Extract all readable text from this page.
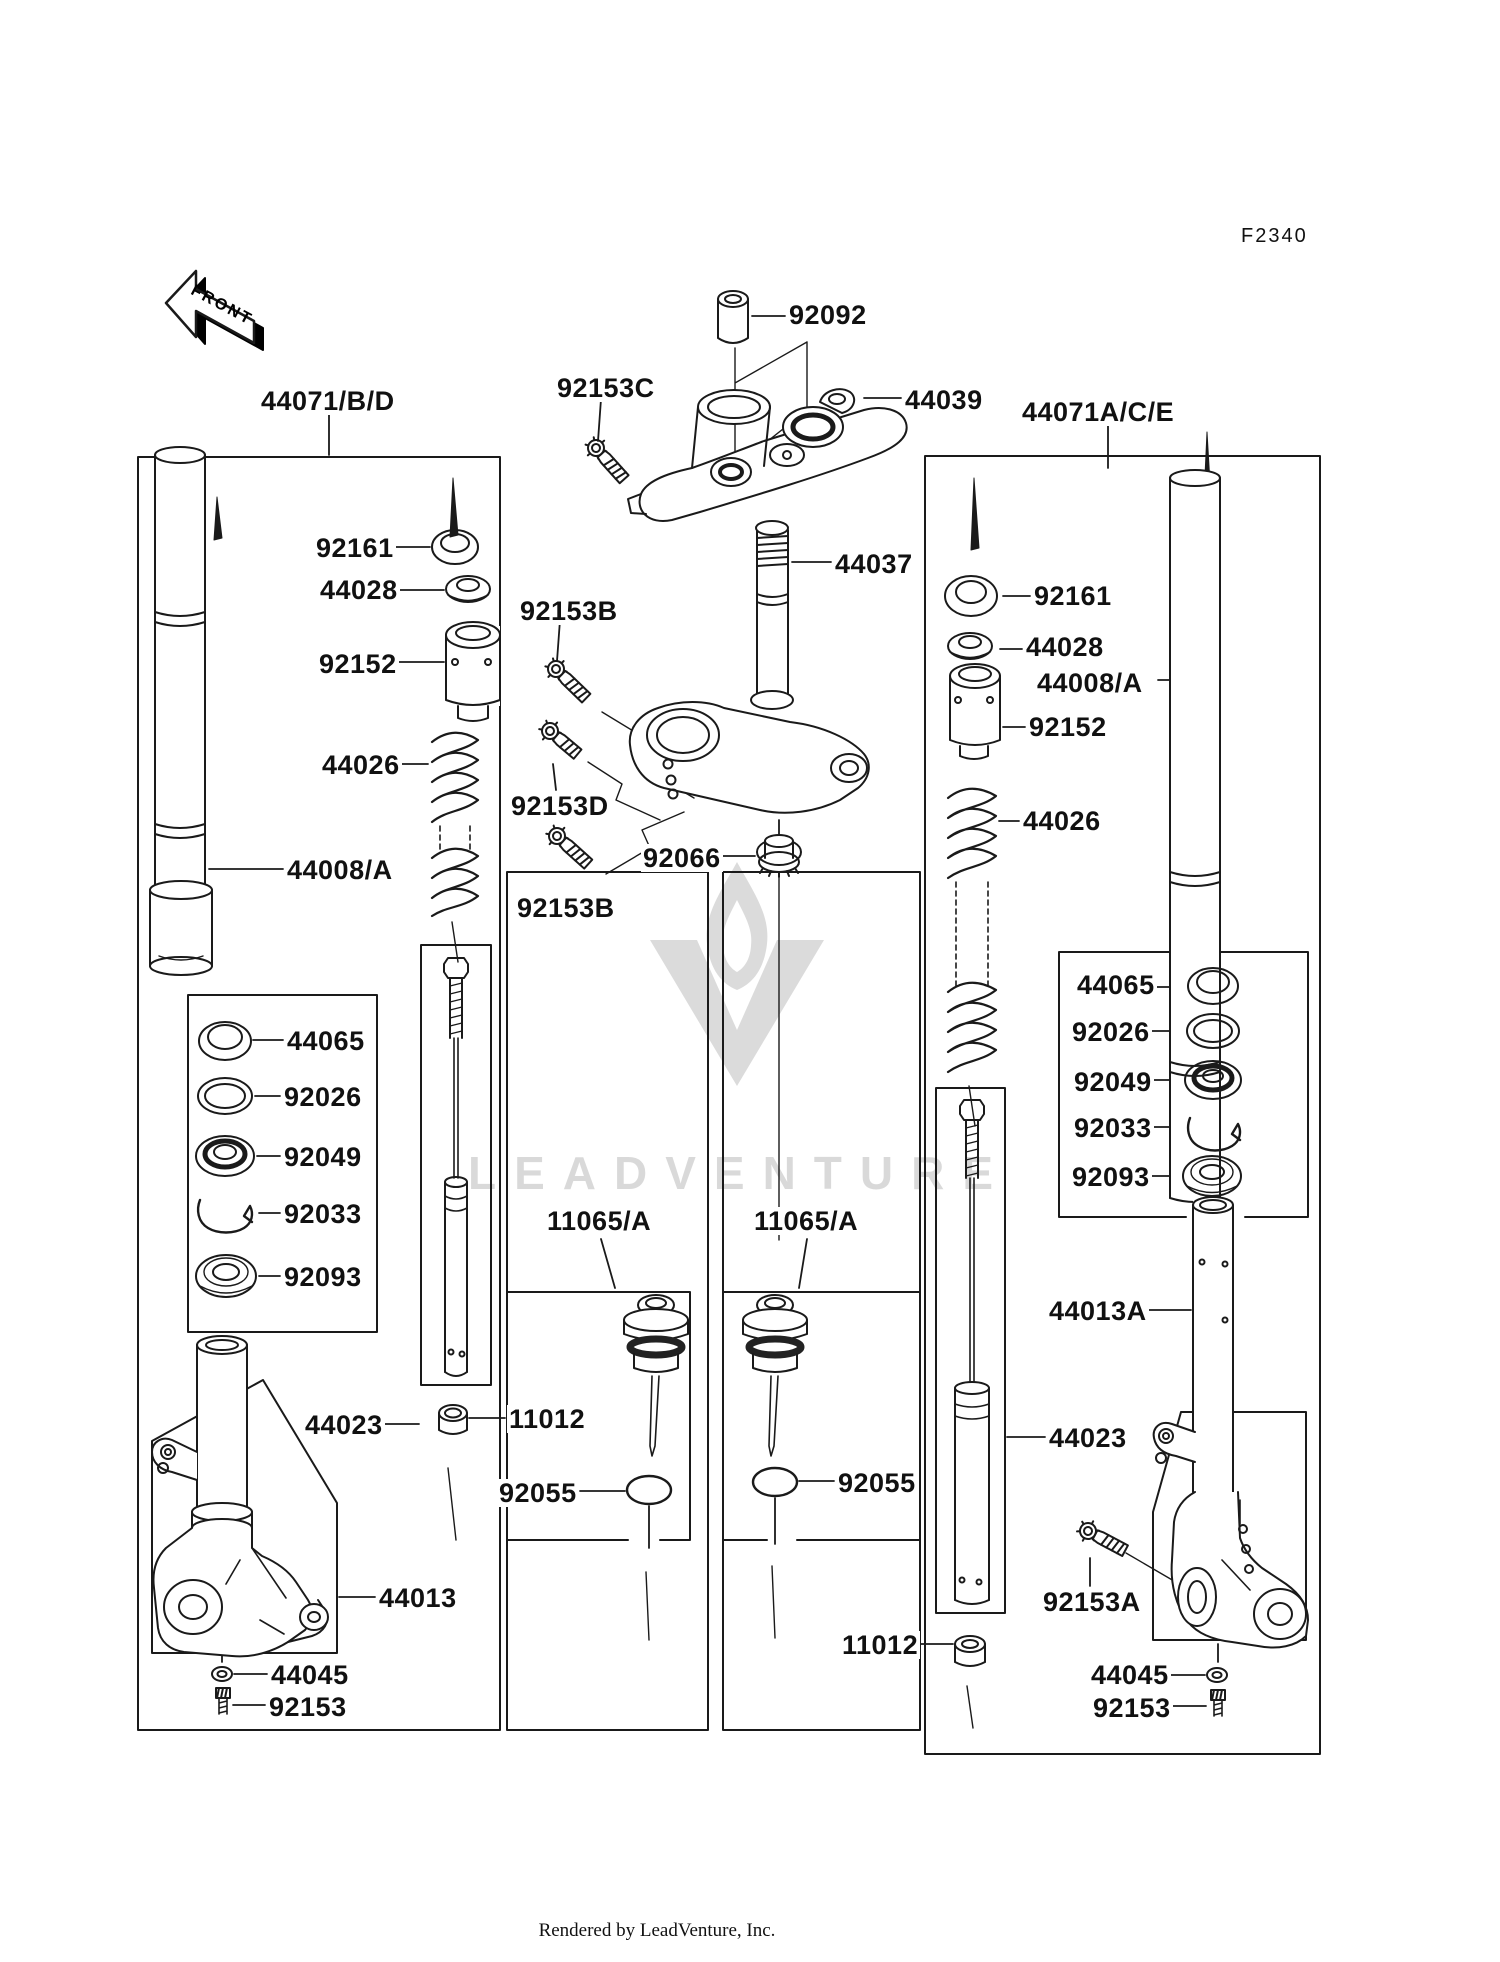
LEADVENTURE
F2340
FRONT	92092
92153C	44039
44071/B/D	44071A/C/E
44037
92153B
92153D
92153B
92066
92161
44028
92152
44026
44008/A
44065
92026
92049
92033
92093
44023	11012
92055
44013
44045
92153
11065/A	11065/A
92055
11012
92161
44028
44008/A
92152
44026
44065
92026
92049
92033
92093
44013A
44023
92153A
44045
92153
Rendered by LeadVenture, Inc.
